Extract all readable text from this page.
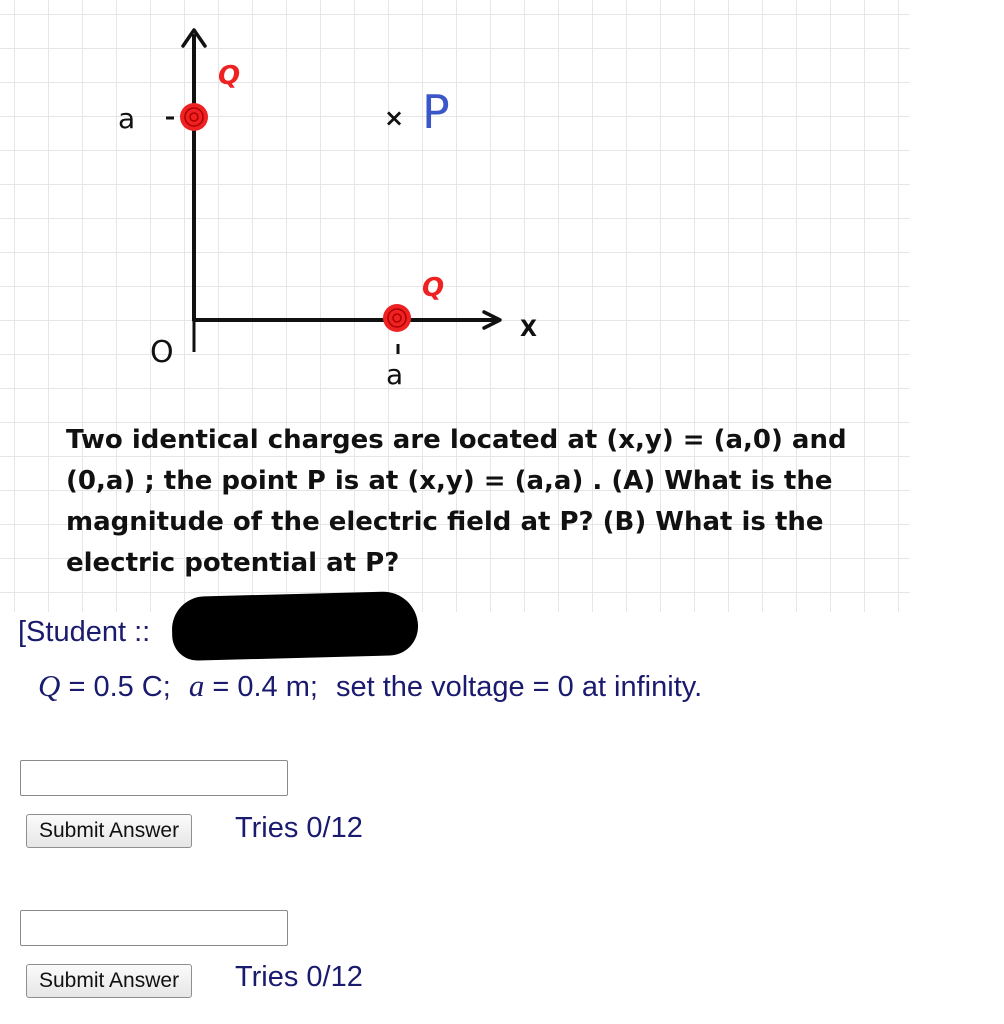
a
a
O
X
Q
Q
× P

Two identical charges are located at (x,y) = (a,0) and (0,a) ; the point P is at (x,y) = (a,a) . (A) What is the magnitude of the electric field at P? (B) What is the electric potential at P?

[Student ::
Q = 0.5 C; a = 0.4 m; set the voltage = 0 at infinity.
Submit Answer	Tries 0/12
Submit Answer	Tries 0/12
